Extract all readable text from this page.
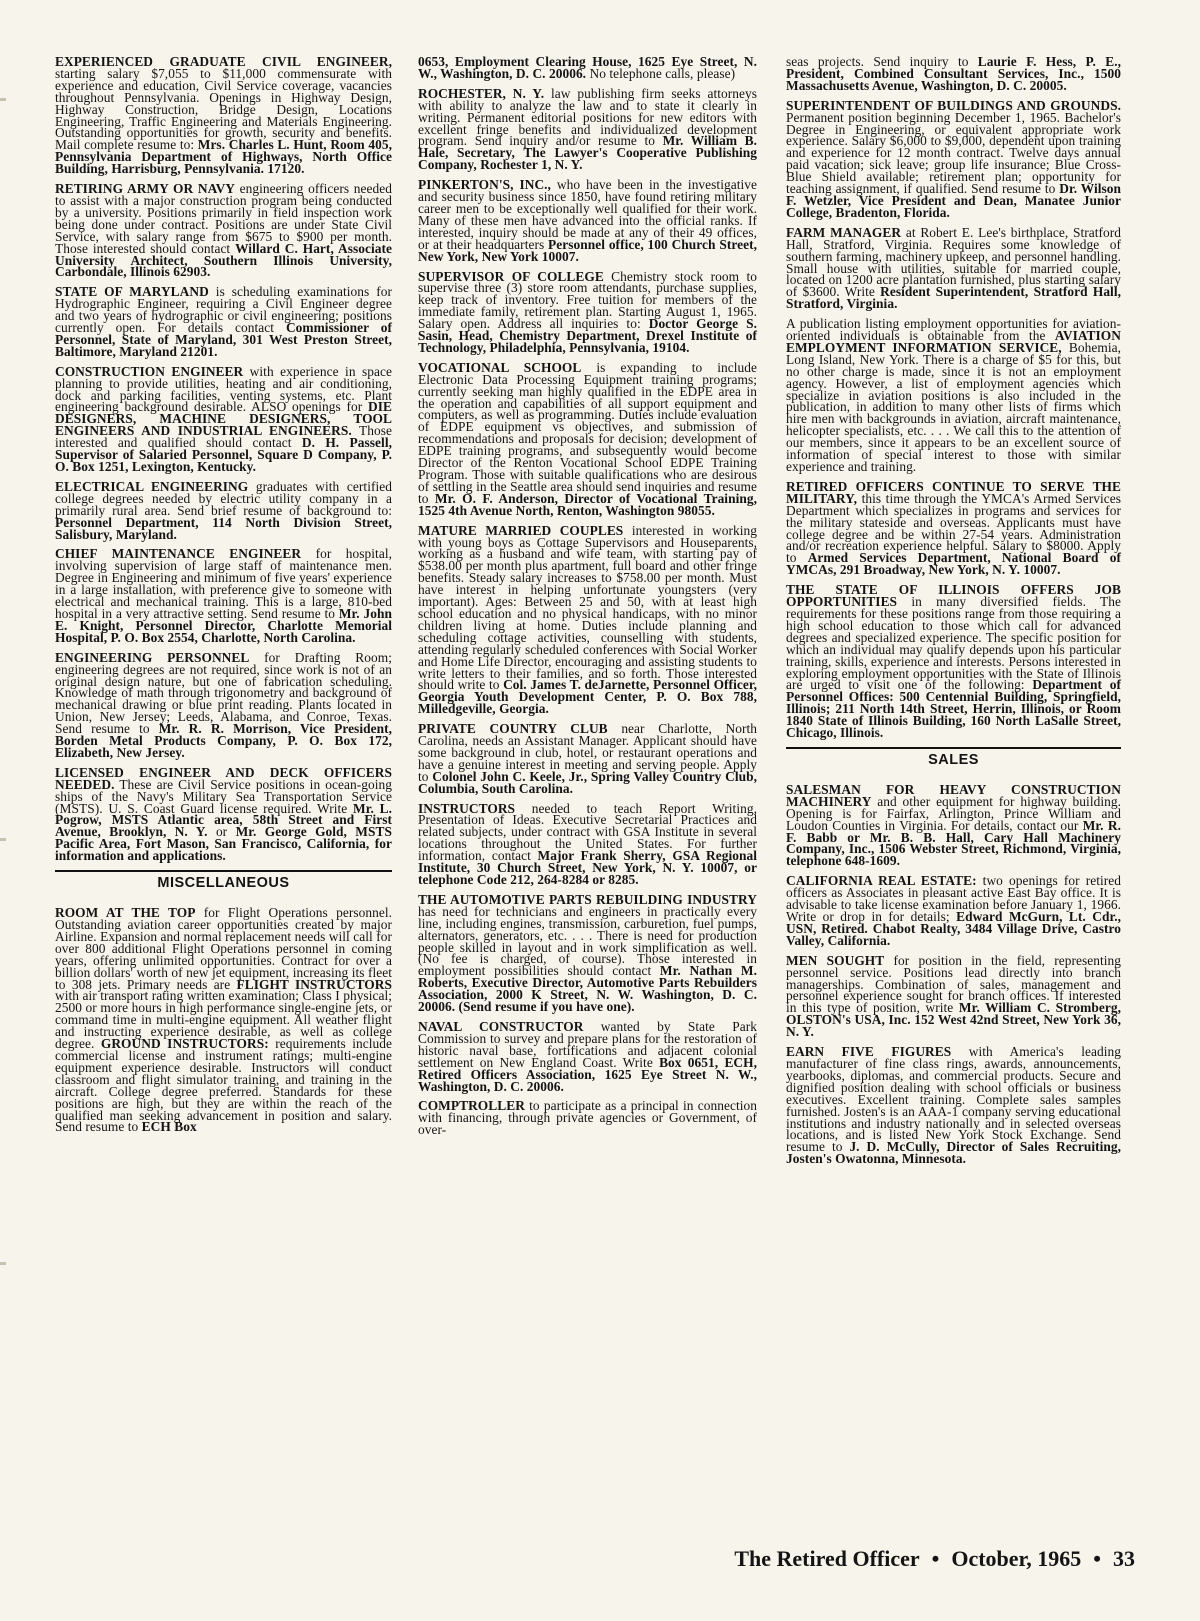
EXPERIENCED GRADUATE CIVIL ENGINEER, starting salary $7,055 to $11,000 commensurate with experience and education, Civil Service coverage, vacancies throughout Pennsylvania. Openings in Highway Design, Highway Construction, Bridge Design, Locations Engineering, Traffic Engineering and Materials Engineering. Outstanding opportunities for growth, security and benefits. Mail complete resume to: Mrs. Charles L. Hunt, Room 405, Pennsylvania Department of Highways, North Office Building, Harrisburg, Pennsylvania. 17120.

RETIRING ARMY OR NAVY engineering officers needed to assist with a major construction program being conducted by a university. Positions primarily in field inspection work being done under contract. Positions are under State Civil Service, with salary range from $675 to $900 per month. Those interested should contact Willard C. Hart, Associate University Architect, Southern Illinois University, Carbondale, Illinois 62903.

STATE OF MARYLAND is scheduling examinations for Hydrographic Engineer, requiring a Civil Engineer degree and two years of hydrographic or civil engineering; positions currently open. For details contact Commissioner of Personnel, State of Maryland, 301 West Preston Street, Baltimore, Maryland 21201.

CONSTRUCTION ENGINEER with experience in space planning to provide utilities, heating and air conditioning, dock and parking facilities, venting systems, etc. Plant engineering background desirable. ALSO openings for DIE DESIGNERS, MACHINE DESIGNERS, TOOL ENGINEERS AND INDUSTRIAL ENGINEERS. Those interested and qualified should contact D. H. Passell, Supervisor of Salaried Personnel, Square D Company, P. O. Box 1251, Lexington, Kentucky.

ELECTRICAL ENGINEERING graduates with certified college degrees needed by electric utility company in a primarily rural area. Send brief resume of background to: Personnel Department, 114 North Division Street, Salisbury, Maryland.

CHIEF MAINTENANCE ENGINEER for hospital, involving supervision of large staff of maintenance men. Degree in Engineering and minimum of five years' experience in a large installation, with preference give to someone with electrical and mechanical training. This is a large, 810-bed hospital in a very attractive setting. Send resume to Mr. John E. Knight, Personnel Director, Charlotte Memorial Hospital, P. O. Box 2554, Charlotte, North Carolina.

ENGINEERING PERSONNEL for Drafting Room; engineering degrees are not required, since work is not of an original design nature, but one of fabrication scheduling. Knowledge of math through trigonometry and background of mechanical drawing or blue print reading. Plants located in Union, New Jersey; Leeds, Alabama, and Conroe, Texas. Send resume to Mr. R. R. Morrison, Vice President, Borden Metal Products Company, P. O. Box 172, Elizabeth, New Jersey.

LICENSED ENGINEER AND DECK OFFICERS NEEDED. These are Civil Service positions in ocean-going ships of the Navy's Military Sea Transportation Service (MSTS). U. S. Coast Guard license required. Write Mr. L. Pogrow, MSTS Atlantic area, 58th Street and First Avenue, Brooklyn, N. Y. or Mr. George Gold, MSTS Pacific Area, Fort Mason, San Francisco, California, for information and applications.

MISCELLANEOUS

ROOM AT THE TOP for Flight Operations personnel. Outstanding aviation career opportunities created by major Airline. Expansion and normal replacement needs will call for over 800 additional Flight Operations personnel in coming years, offering unlimited opportunities. Contract for over a billion dollars' worth of new jet equipment, increasing its fleet to 308 jets. Primary needs are FLIGHT INSTRUCTORS with air transport rating written examination; Class I physical; 2500 or more hours in high performance single-engine jets, or command time in multi-engine equipment. All weather flight and instructing experience desirable, as well as college degree. GROUND INSTRUCTORS: requirements include commercial license and instrument ratings; multi-engine equipment experience desirable. Instructors will conduct classroom and flight simulator training, and training in the aircraft. College degree preferred. Standards for these positions are high, but they are within the reach of the qualified man seeking advancement in position and salary. Send resume to ECH Box

0653, Employment Clearing House, 1625 Eye Street, N. W., Washington, D. C. 20006. No telephone calls, please)

ROCHESTER, N. Y. law publishing firm seeks attorneys with ability to analyze the law and to state it clearly in writing. Permanent editorial positions for new editors with excellent fringe benefits and individualized development program. Send inquiry and/or resume to Mr. William B. Hale, Secretary, The Lawyer's Cooperative Publishing Company, Rochester 1, N. Y.

PINKERTON'S, INC., who have been in the investigative and security business since 1850, have found retiring military career men to be exceptionally well qualified for their work. Many of these men have advanced into the official ranks. If interested, inquiry should be made at any of their 49 offices, or at their headquarters Personnel office, 100 Church Street, New York, New York 10007.

SUPERVISOR OF COLLEGE Chemistry stock room to supervise three (3) store room attendants, purchase supplies, keep track of inventory. Free tuition for members of the immediate family, retirement plan. Starting August 1, 1965. Salary open. Address all inquiries to: Doctor George S. Sasin, Head, Chemistry Department, Drexel Institute of Technology, Philadelphia, Pennsylvania, 19104.

VOCATIONAL SCHOOL is expanding to include Electronic Data Processing Equipment training programs; currently seeking man highly qualified in the EDPE area in the operation and capabilities of all support equipment and computers, as well as programming. Duties include evaluation of EDPE equipment vs objectives, and submission of recommendations and proposals for decision; development of EDPE training programs, and subsequently would become Director of the Renton Vocational School EDPE Training Program. Those with suitable qualifications who are desirous of settling in the Seattle area should send inquiries and resume to Mr. O. F. Anderson, Director of Vocational Training, 1525 4th Avenue North, Renton, Washington 98055.

MATURE MARRIED COUPLES interested in working with young boys as Cottage Supervisors and Houseparents, working as a husband and wife team, with starting pay of $538.00 per month plus apartment, full board and other fringe benefits. Steady salary increases to $758.00 per month. Must have interest in helping unfortunate youngsters (very important). Ages: Between 25 and 50, with at least high school education and no physical handicaps, with no minor children living at home. Duties include planning and scheduling cottage activities, counselling with students, attending regularly scheduled conferences with Social Worker and Home Life Director, encouraging and assisting students to write letters to their families, and so forth. Those interested should write to Col. James T. deJarnette, Personnel Officer, Georgia Youth Development Center, P. O. Box 788, Milledgeville, Georgia.

PRIVATE COUNTRY CLUB near Charlotte, North Carolina, needs an Assistant Manager. Applicant should have some background in club, hotel, or restaurant operations and have a genuine interest in meeting and serving people. Apply to Colonel John C. Keele, Jr., Spring Valley Country Club, Columbia, South Carolina.

INSTRUCTORS needed to teach Report Writing, Presentation of Ideas. Executive Secretarial Practices and related subjects, under contract with GSA Institute in several locations throughout the United States. For further information, contact Major Frank Sherry, GSA Regional Institute, 30 Church Street, New York, N. Y. 10007, or telephone Code 212, 264-8284 or 8285.

THE AUTOMOTIVE PARTS REBUILDING INDUSTRY has need for technicians and engineers in practically every line, including engines, transmission, carburetion, fuel pumps, alternators, generators, etc. . . . There is need for production people skilled in layout and in work simplification as well. (No fee is charged, of course). Those interested in employment possibilities should contact Mr. Nathan M. Roberts, Executive Director, Automotive Parts Rebuilders Association, 2000 K Street, N. W. Washington, D. C. 20006. (Send resume if you have one).

NAVAL CONSTRUCTOR wanted by State Park Commission to survey and prepare plans for the restoration of historic naval base, fortifications and adjacent colonial settlement on New England Coast. Write Box 0651, ECH, Retired Officers Association, 1625 Eye Street N. W., Washington, D. C. 20006.

COMPTROLLER to participate as a principal in connection with financing, through private agencies or Government, of over-

seas projects. Send inquiry to Laurie F. Hess, P. E., President, Combined Consultant Services, Inc., 1500 Massachusetts Avenue, Washington, D. C. 20005.

SUPERINTENDENT OF BUILDINGS AND GROUNDS. Permanent position beginning December 1, 1965. Bachelor's Degree in Engineering, or equivalent appropriate work experience. Salary $6,000 to $9,000, dependent upon training and experience for 12 month contract. Twelve days annual paid vacation; sick leave; group life insurance; Blue Cross-Blue Shield available; retirement plan; opportunity for teaching assignment, if qualified. Send resume to Dr. Wilson F. Wetzler, Vice President and Dean, Manatee Junior College, Bradenton, Florida.

FARM MANAGER at Robert E. Lee's birthplace, Stratford Hall, Stratford, Virginia. Requires some knowledge of southern farming, machinery upkeep, and personnel handling. Small house with utilities, suitable for married couple, located on 1200 acre plantation furnished, plus starting salary of $3600. Write Resident Superintendent, Stratford Hall, Stratford, Virginia.

A publication listing employment opportunities for aviation-oriented individuals is obtainable from the AVIATION EMPLOYMENT INFORMATION SERVICE, Bohemia, Long Island, New York. There is a charge of $5 for this, but no other charge is made, since it is not an employment agency. However, a list of employment agencies which specialize in aviation positions is also included in the publication, in addition to many other lists of firms which hire men with backgrounds in aviation, aircraft maintenance, helicopter specialists, etc. . . . We call this to the attention of our members, since it appears to be an excellent source of information of special interest to those with similar experience and training.

RETIRED OFFICERS CONTINUE TO SERVE THE MILITARY, this time through the YMCA's Armed Services Department which specializes in programs and services for the military stateside and overseas. Applicants must have college degree and be within 27-54 years. Administration and/or recreation experience helpful. Salary to $8000. Apply to Armed Services Department, National Board of YMCAs, 291 Broadway, New York, N. Y. 10007.

THE STATE OF ILLINOIS OFFERS JOB OPPORTUNITIES in many diversified fields. The requirements for these positions range from those requiring a high school education to those which call for advanced degrees and specialized experience. The specific position for which an individual may qualify depends upon his particular training, skills, experience and interests. Persons interested in exploring employment opportunities with the State of Illinois are urged to visit one of the following: Department of Personnel Offices: 500 Centennial Building, Springfield, Illinois; 211 North 14th Street, Herrin, Illinois, or Room 1840 State of Illinois Building, 160 North LaSalle Street, Chicago, Illinois.

SALES

SALESMAN FOR HEAVY CONSTRUCTION MACHINERY and other equipment for highway building. Opening is for Fairfax, Arlington, Prince William and Loudon Counties in Virginia. For details, contact our Mr. R. F. Babb or Mr. B. B. Hall, Cary Hall Machinery Company, Inc., 1506 Webster Street, Richmond, Virginia, telephone 648-1609.

CALIFORNIA REAL ESTATE: two openings for retired officers as Associates in pleasant active East Bay office. It is advisable to take license examination before January 1, 1966. Write or drop in for details; Edward McGurn, Lt. Cdr., USN, Retired. Chabot Realty, 3484 Village Drive, Castro Valley, California.

MEN SOUGHT for position in the field, representing personnel service. Positions lead directly into branch managerships. Combination of sales, management and personnel experience sought for branch offices. If interested in this type of position, write Mr. William C. Stromberg, OLSTON's USA, Inc. 152 West 42nd Street, New York 36, N. Y.

EARN FIVE FIGURES with America's leading manufacturer of fine class rings, awards, announcements, yearbooks, diplomas, and commercial products. Secure and dignified position dealing with school officials or business executives. Excellent training. Complete sales samples furnished. Josten's is an AAA-1 company serving educational institutions and industry nationally and in selected overseas locations, and is listed New York Stock Exchange. Send resume to J. D. McCully, Director of Sales Recruiting, Josten's Owatonna, Minnesota.

The Retired Officer • October, 1965 • 33
